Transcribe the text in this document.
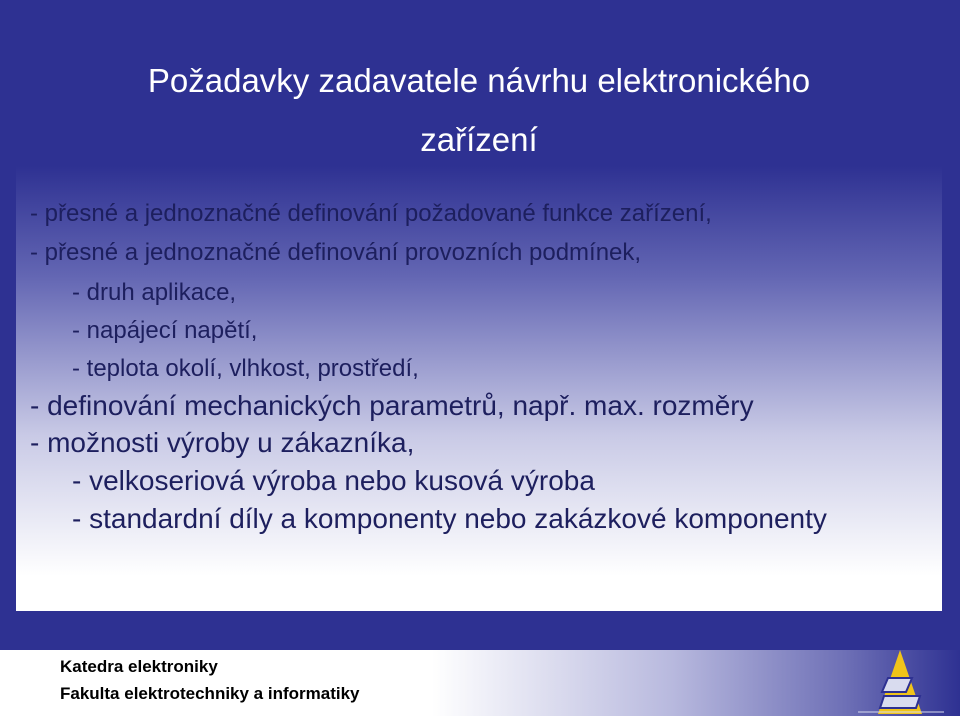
Požadavky zadavatele návrhu elektronického
zařízení
- přesné a jednoznačné definování požadované funkce zařízení,
- přesné a jednoznačné definování provozních podmínek,
- druh aplikace,
- napájecí napětí,
- teplota okolí, vlhkost, prostředí,
- definování mechanických parametrů, např. max. rozměry
- možnosti výroby u zákazníka,
- velkoseriová výroba nebo kusová výroba
- standardní díly a komponenty nebo zakázkové komponenty
Katedra elektroniky
Fakulta elektrotechniky a informatiky
